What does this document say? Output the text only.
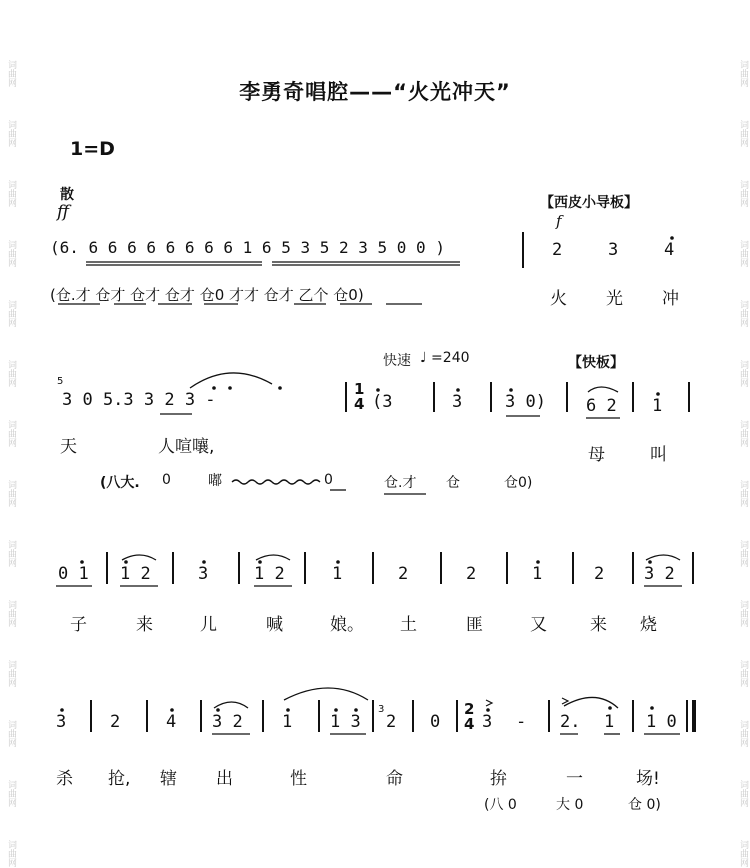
词曲网
词曲网
词曲网
词曲网
词曲网
词曲网
词曲网
词曲网
词曲网
词曲网
词曲网
词曲网
词曲网
词曲网
词曲网
词曲网
词曲网
词曲网
词曲网
词曲网
词曲网
词曲网
词曲网
词曲网
词曲网
词曲网
词曲网
词曲网
李勇奇唱腔——“火光冲天”
1=D
散
ff
(6. 6 6 6 6 6 6 6 6 1 6 5 3 5 2 3 5 0 0 )
(仓.才 仓才 仓才 仓才 仓0 才才 仓才 乙个 仓0)
【西皮小导板】
f
2	3	4
火 光 冲
5
3 0 5.3 3 2 3 -
1
4 (3	3	3 0)
快速 ♩ =240	【快板】
6 2 1
天	人喧嚷,	母	叫
(八大. 0	嘟	0	仓.才 仓	仓0)
0 1 1 2	3	1 2	1	2	2	1	2 3 2
子	来	儿	喊	娘。 土	匪	又	来 烧
3	2	4 3 2 1 1 3
3
2 0
2
4 3 - 2. 1 1 0
杀 抢, 辖 出	性	命	拚	一	场!
(八 0	大 0	仓 0)
